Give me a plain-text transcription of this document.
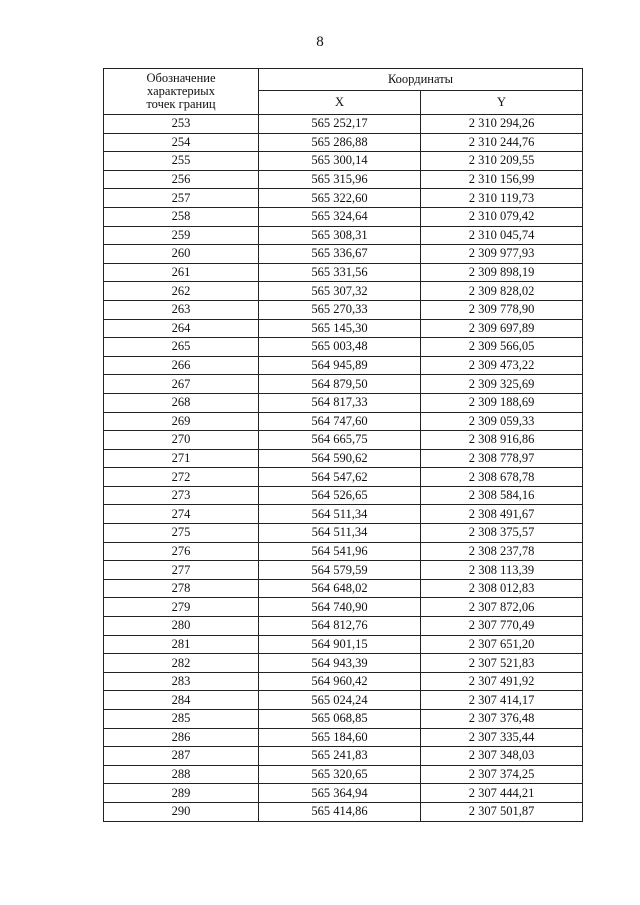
8
Обозначение
характериых
точек границ	Координаты	
	X	Y
253	565 252,17	2 310 294,26
254	565 286,88	2 310 244,76
255	565 300,14	2 310 209,55
256	565 315,96	2 310 156,99
257	565 322,60	2 310 119,73
258	565 324,64	2 310 079,42
259	565 308,31	2 310 045,74
260	565 336,67	2 309 977,93
261	565 331,56	2 309 898,19
262	565 307,32	2 309 828,02
263	565 270,33	2 309 778,90
264	565 145,30	2 309 697,89
265	565 003,48	2 309 566,05
266	564 945,89	2 309 473,22
267	564 879,50	2 309 325,69
268	564 817,33	2 309 188,69
269	564 747,60	2 309 059,33
270	564 665,75	2 308 916,86
271	564 590,62	2 308 778,97
272	564 547,62	2 308 678,78
273	564 526,65	2 308 584,16
274	564 511,34	2 308 491,67
275	564 511,34	2 308 375,57
276	564 541,96	2 308 237,78
277	564 579,59	2 308 113,39
278	564 648,02	2 308 012,83
279	564 740,90	2 307 872,06
280	564 812,76	2 307 770,49
281	564 901,15	2 307 651,20
282	564 943,39	2 307 521,83
283	564 960,42	2 307 491,92
284	565 024,24	2 307 414,17
285	565 068,85	2 307 376,48
286	565 184,60	2 307 335,44
287	565 241,83	2 307 348,03
288	565 320,65	2 307 374,25
289	565 364,94	2 307 444,21
290	565 414,86	2 307 501,87
